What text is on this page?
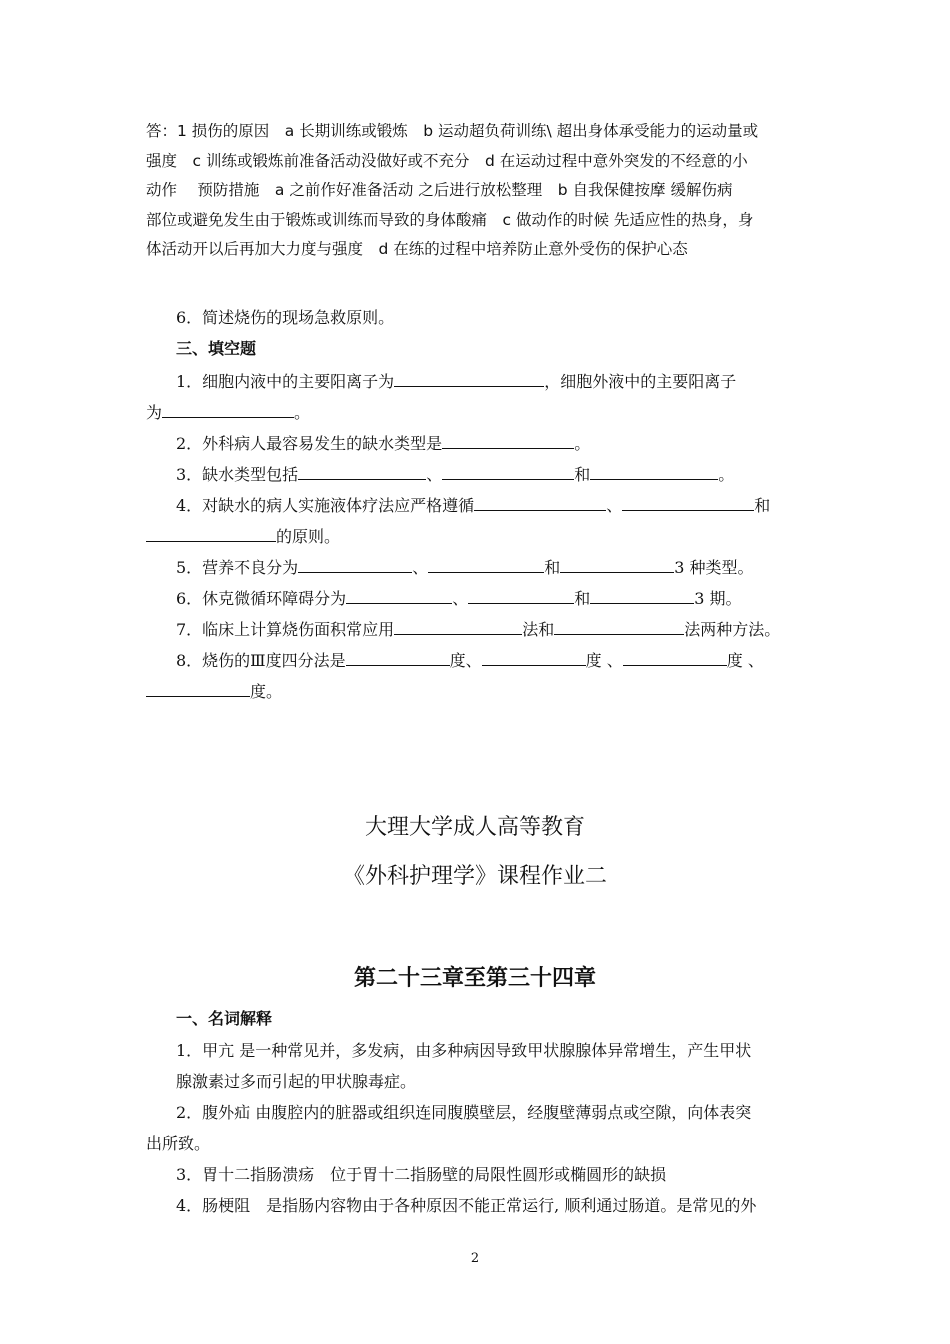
答：1 损伤的原因　a 长期训练或锻炼　b 运动超负荷训练\ 超出身体承受能力的运动量或
强度　c 训练或锻炼前准备活动没做好或不充分　d 在运动过程中意外突发的不经意的小
动作　 预防措施　a 之前作好准备活动 之后进行放松整理　b 自我保健按摩 缓解伤病
部位或避免发生由于锻炼或训练而导致的身体酸痛　c 做动作的时候 先适应性的热身，身
体活动开以后再加大力度与强度　d 在练的过程中培养防止意外受伤的保护心态
6．简述烧伤的现场急救原则。
三、填空题
1．细胞内液中的主要阳离子为	，细胞外液中的主要阳离子
为	。
2．外科病人最容易发生的缺水类型是	。
3．缺水类型包括	、	和	。
4．对缺水的病人实施液体疗法应严格遵循	、	和
的原则。
5．营养不良分为	、	和	3 种类型。
6．休克微循环障碍分为	、	和	3 期。
7．临床上计算烧伤面积常应用	法和	法两种方法。
8．烧伤的Ⅲ度四分法是	度、	度 、	度 、
度。
大理大学成人高等教育
《外科护理学》课程作业二
第二十三章至第三十四章
一、名词解释
1．甲亢 是一种常见并，多发病，由多种病因导致甲状腺腺体异常增生，产生甲状
腺激素过多而引起的甲状腺毒症。
2．腹外疝 由腹腔内的脏器或组织连同腹膜壁层，经腹壁薄弱点或空隙，向体表突
出所致。
3．胃十二指肠溃疡　位于胃十二指肠壁的局限性圆形或椭圆形的缺损
4．肠梗阻　是指肠内容物由于各种原因不能正常运行, 顺利通过肠道。是常见的外
2
